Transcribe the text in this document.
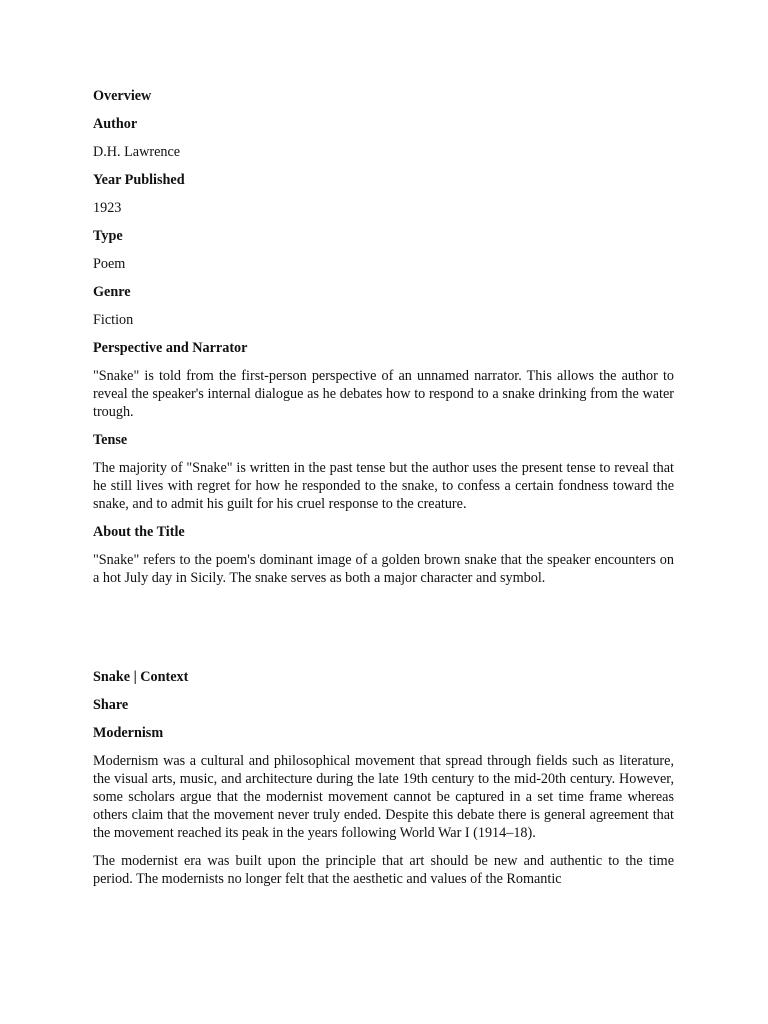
Overview
Author
D.H. Lawrence
Year Published
1923
Type
Poem
Genre
Fiction
Perspective and Narrator
"Snake" is told from the first-person perspective of an unnamed narrator. This allows the author to reveal the speaker's internal dialogue as he debates how to respond to a snake drinking from the water trough.
Tense
The majority of "Snake" is written in the past tense but the author uses the present tense to reveal that he still lives with regret for how he responded to the snake, to confess a certain fondness toward the snake, and to admit his guilt for his cruel response to the creature.
About the Title
"Snake" refers to the poem's dominant image of a golden brown snake that the speaker encounters on a hot July day in Sicily. The snake serves as both a major character and symbol.
Snake | Context
Share
Modernism
Modernism was a cultural and philosophical movement that spread through fields such as literature, the visual arts, music, and architecture during the late 19th century to the mid-20th century. However, some scholars argue that the modernist movement cannot be captured in a set time frame whereas others claim that the movement never truly ended. Despite this debate there is general agreement that the movement reached its peak in the years following World War I (1914–18).
The modernist era was built upon the principle that art should be new and authentic to the time period. The modernists no longer felt that the aesthetic and values of the Romantic
